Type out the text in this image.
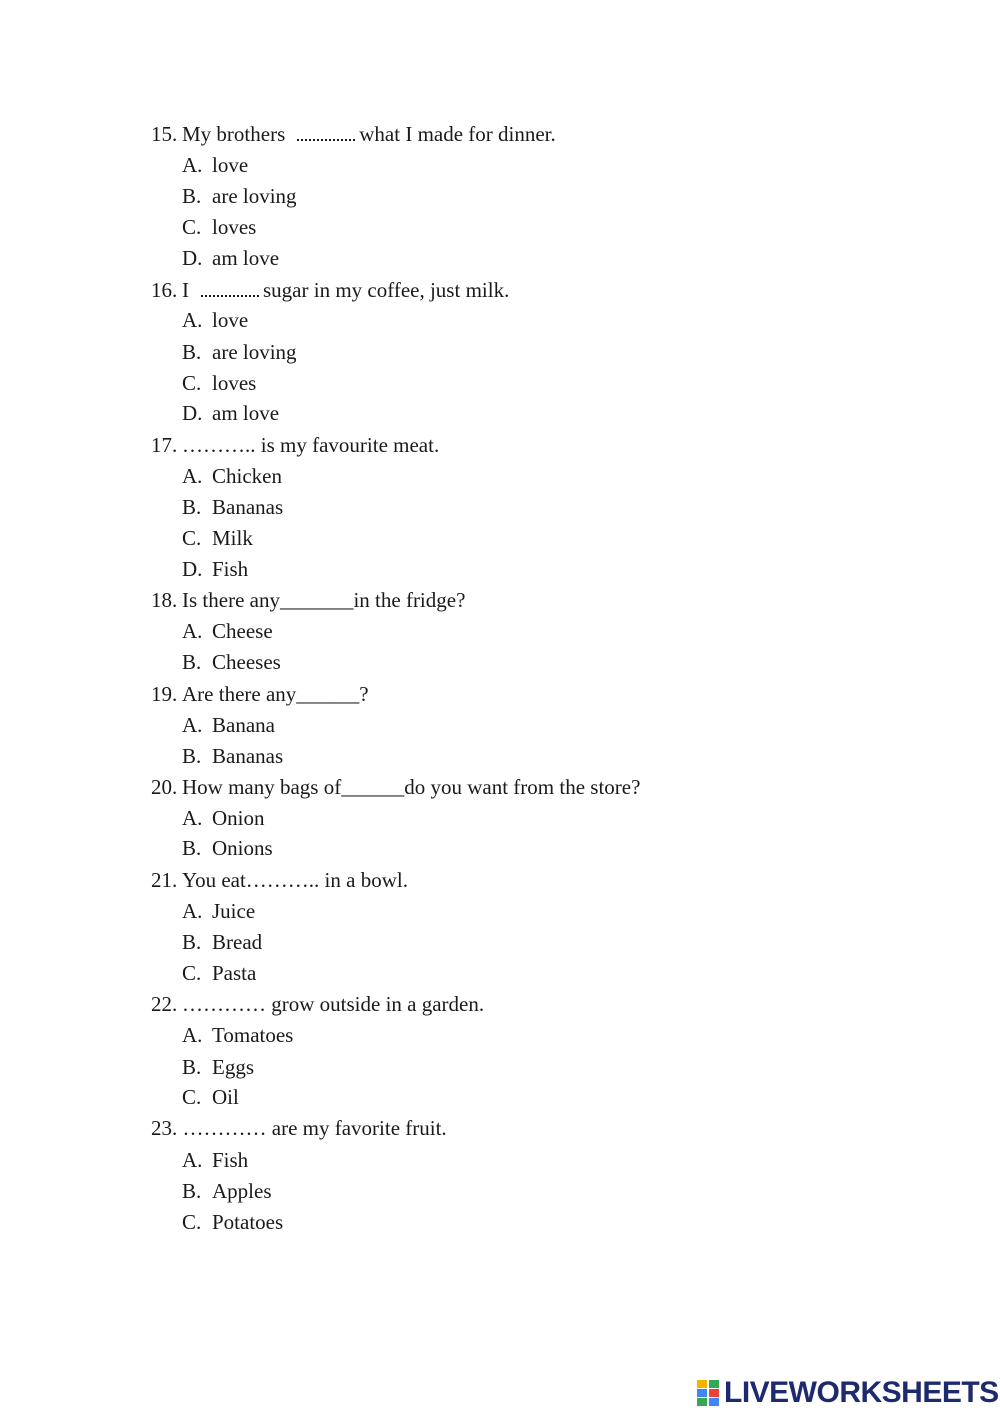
15. My brothers	what I made for dinner.
A. love
B. are loving
C. loves
D. am love
16. I	sugar in my coffee, just milk.
A. love
B. are loving
C. loves
D. am love
17. ……….. is my favourite meat.
A. Chicken
B. Bananas
C. Milk
D. Fish
18. Is there any_______in the fridge?
A. Cheese
B. Cheeses
19. Are there any______?
A. Banana
B. Bananas
20. How many bags of______do you want from the store?
A. Onion
B. Onions
21. You eat……….. in a bowl.
A. Juice
B. Bread
C. Pasta
22. ………… grow outside in a garden.
A. Tomatoes
B. Eggs
C. Oil
23. ………… are my favorite fruit.
A. Fish
B. Apples
C. Potatoes
LIVEWORKSHEETS
